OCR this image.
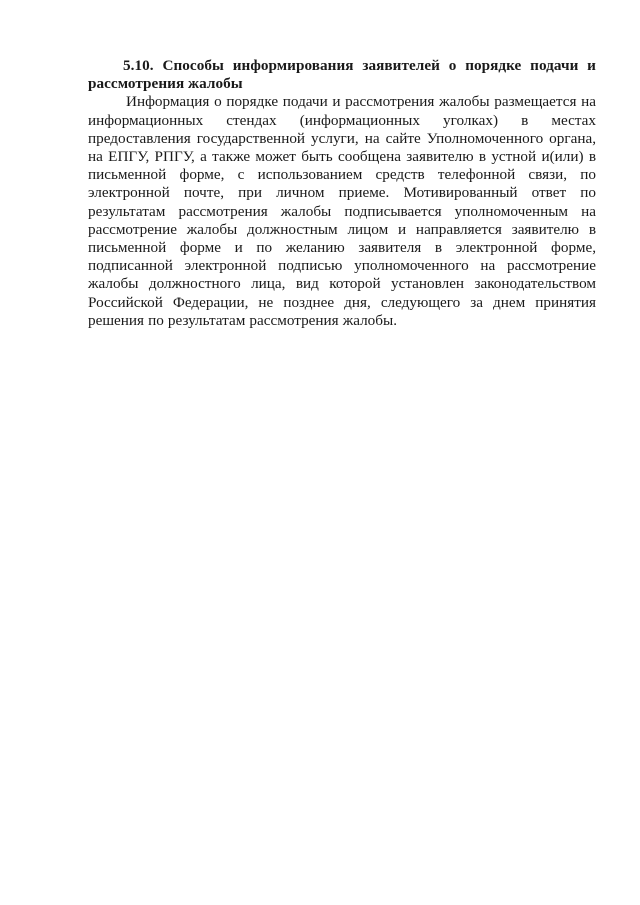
5.10. Способы информирования заявителей о порядке подачи и рассмотрения жалобы

Информация о порядке подачи и рассмотрения жалобы размещается на информационных стендах (информационных уголках) в местах предоставления государственной услуги, на сайте Уполномоченного органа, на ЕПГУ, РПГУ, а также может быть сообщена заявителю в устной и(или) в письменной форме, с использованием средств телефонной связи, по электронной почте, при личном приеме. Мотивированный ответ по результатам рассмотрения жалобы подписывается уполномоченным на рассмотрение жалобы должностным лицом и направляется заявителю в письменной форме и по желанию заявителя в электронной форме, подписанной электронной подписью уполномоченного на рассмотрение жалобы должностного лица, вид которой установлен законодательством Российской Федерации, не позднее дня, следующего за днем принятия решения по результатам рассмотрения жалобы.
